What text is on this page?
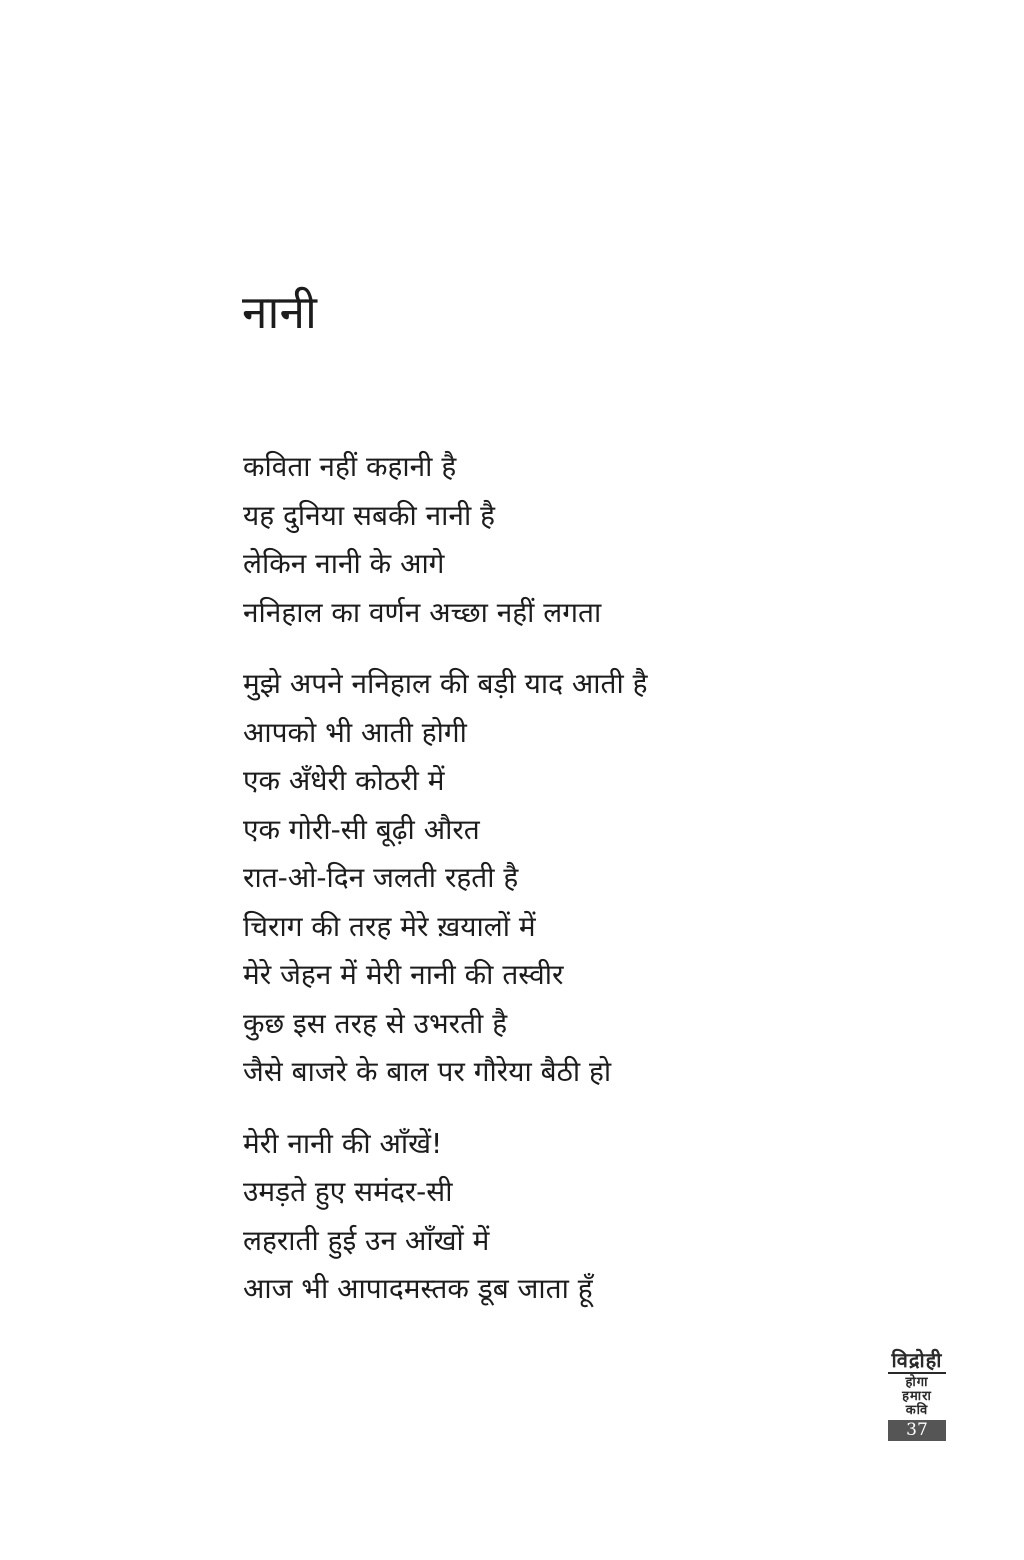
नानी
कविता नहीं कहानी है
यह दुनिया सबकी नानी है
लेकिन नानी के आगे
ननिहाल का वर्णन अच्छा नहीं लगता
मुझे अपने ननिहाल की बड़ी याद आती है
आपको भी आती होगी
एक अँधेरी कोठरी में
एक गोरी-सी बूढ़ी औरत
रात-ओ-दिन जलती रहती है
चिराग की तरह मेरे ख़यालों में
मेरे जेहन में मेरी नानी की तस्वीर
कुछ इस तरह से उभरती है
जैसे बाजरे के बाल पर गौरेया बैठी हो
मेरी नानी की आँखें!
उमड़ते हुए समंदर-सी
लहराती हुई उन आँखों में
आज भी आपादमस्तक डूब जाता हूँ
विद्रोही
होगा
हमारा
कवि
37
